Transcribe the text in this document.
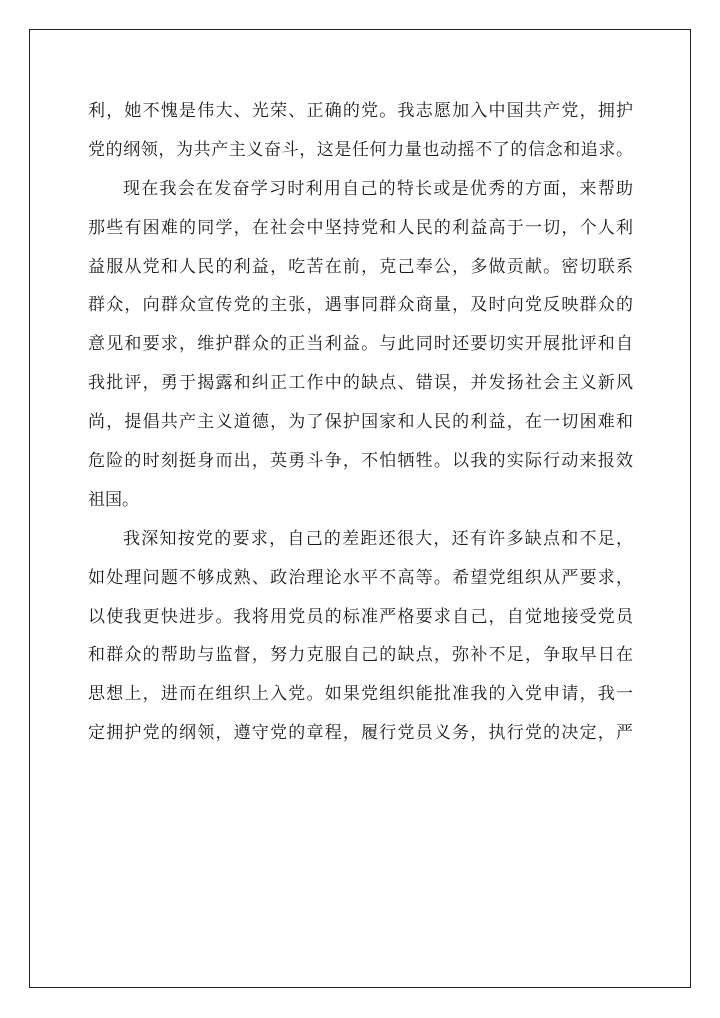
利，她不愧是伟大、光荣、正确的党。我志愿加入中国共产党，拥护
党的纲领，为共产主义奋斗，这是任何力量也动摇不了的信念和追求。
现在我会在发奋学习时利用自己的特长或是优秀的方面，来帮助
那些有困难的同学，在社会中坚持党和人民的利益高于一切，个人利
益服从党和人民的利益，吃苦在前，克己奉公，多做贡献。密切联系
群众，向群众宣传党的主张，遇事同群众商量，及时向党反映群众的
意见和要求，维护群众的正当利益。与此同时还要切实开展批评和自
我批评，勇于揭露和纠正工作中的缺点、错误，并发扬社会主义新风
尚，提倡共产主义道德，为了保护国家和人民的利益，在一切困难和
危险的时刻挺身而出，英勇斗争，不怕牺牲。以我的实际行动来报效
祖国。
我深知按党的要求，自己的差距还很大，还有许多缺点和不足，
如处理问题不够成熟、政治理论水平不高等。希望党组织从严要求，
以使我更快进步。我将用党员的标准严格要求自己，自觉地接受党员
和群众的帮助与监督，努力克服自己的缺点，弥补不足，争取早日在
思想上，进而在组织上入党。如果党组织能批准我的入党申请，我一
定拥护党的纲领，遵守党的章程，履行党员义务，执行党的决定，严
